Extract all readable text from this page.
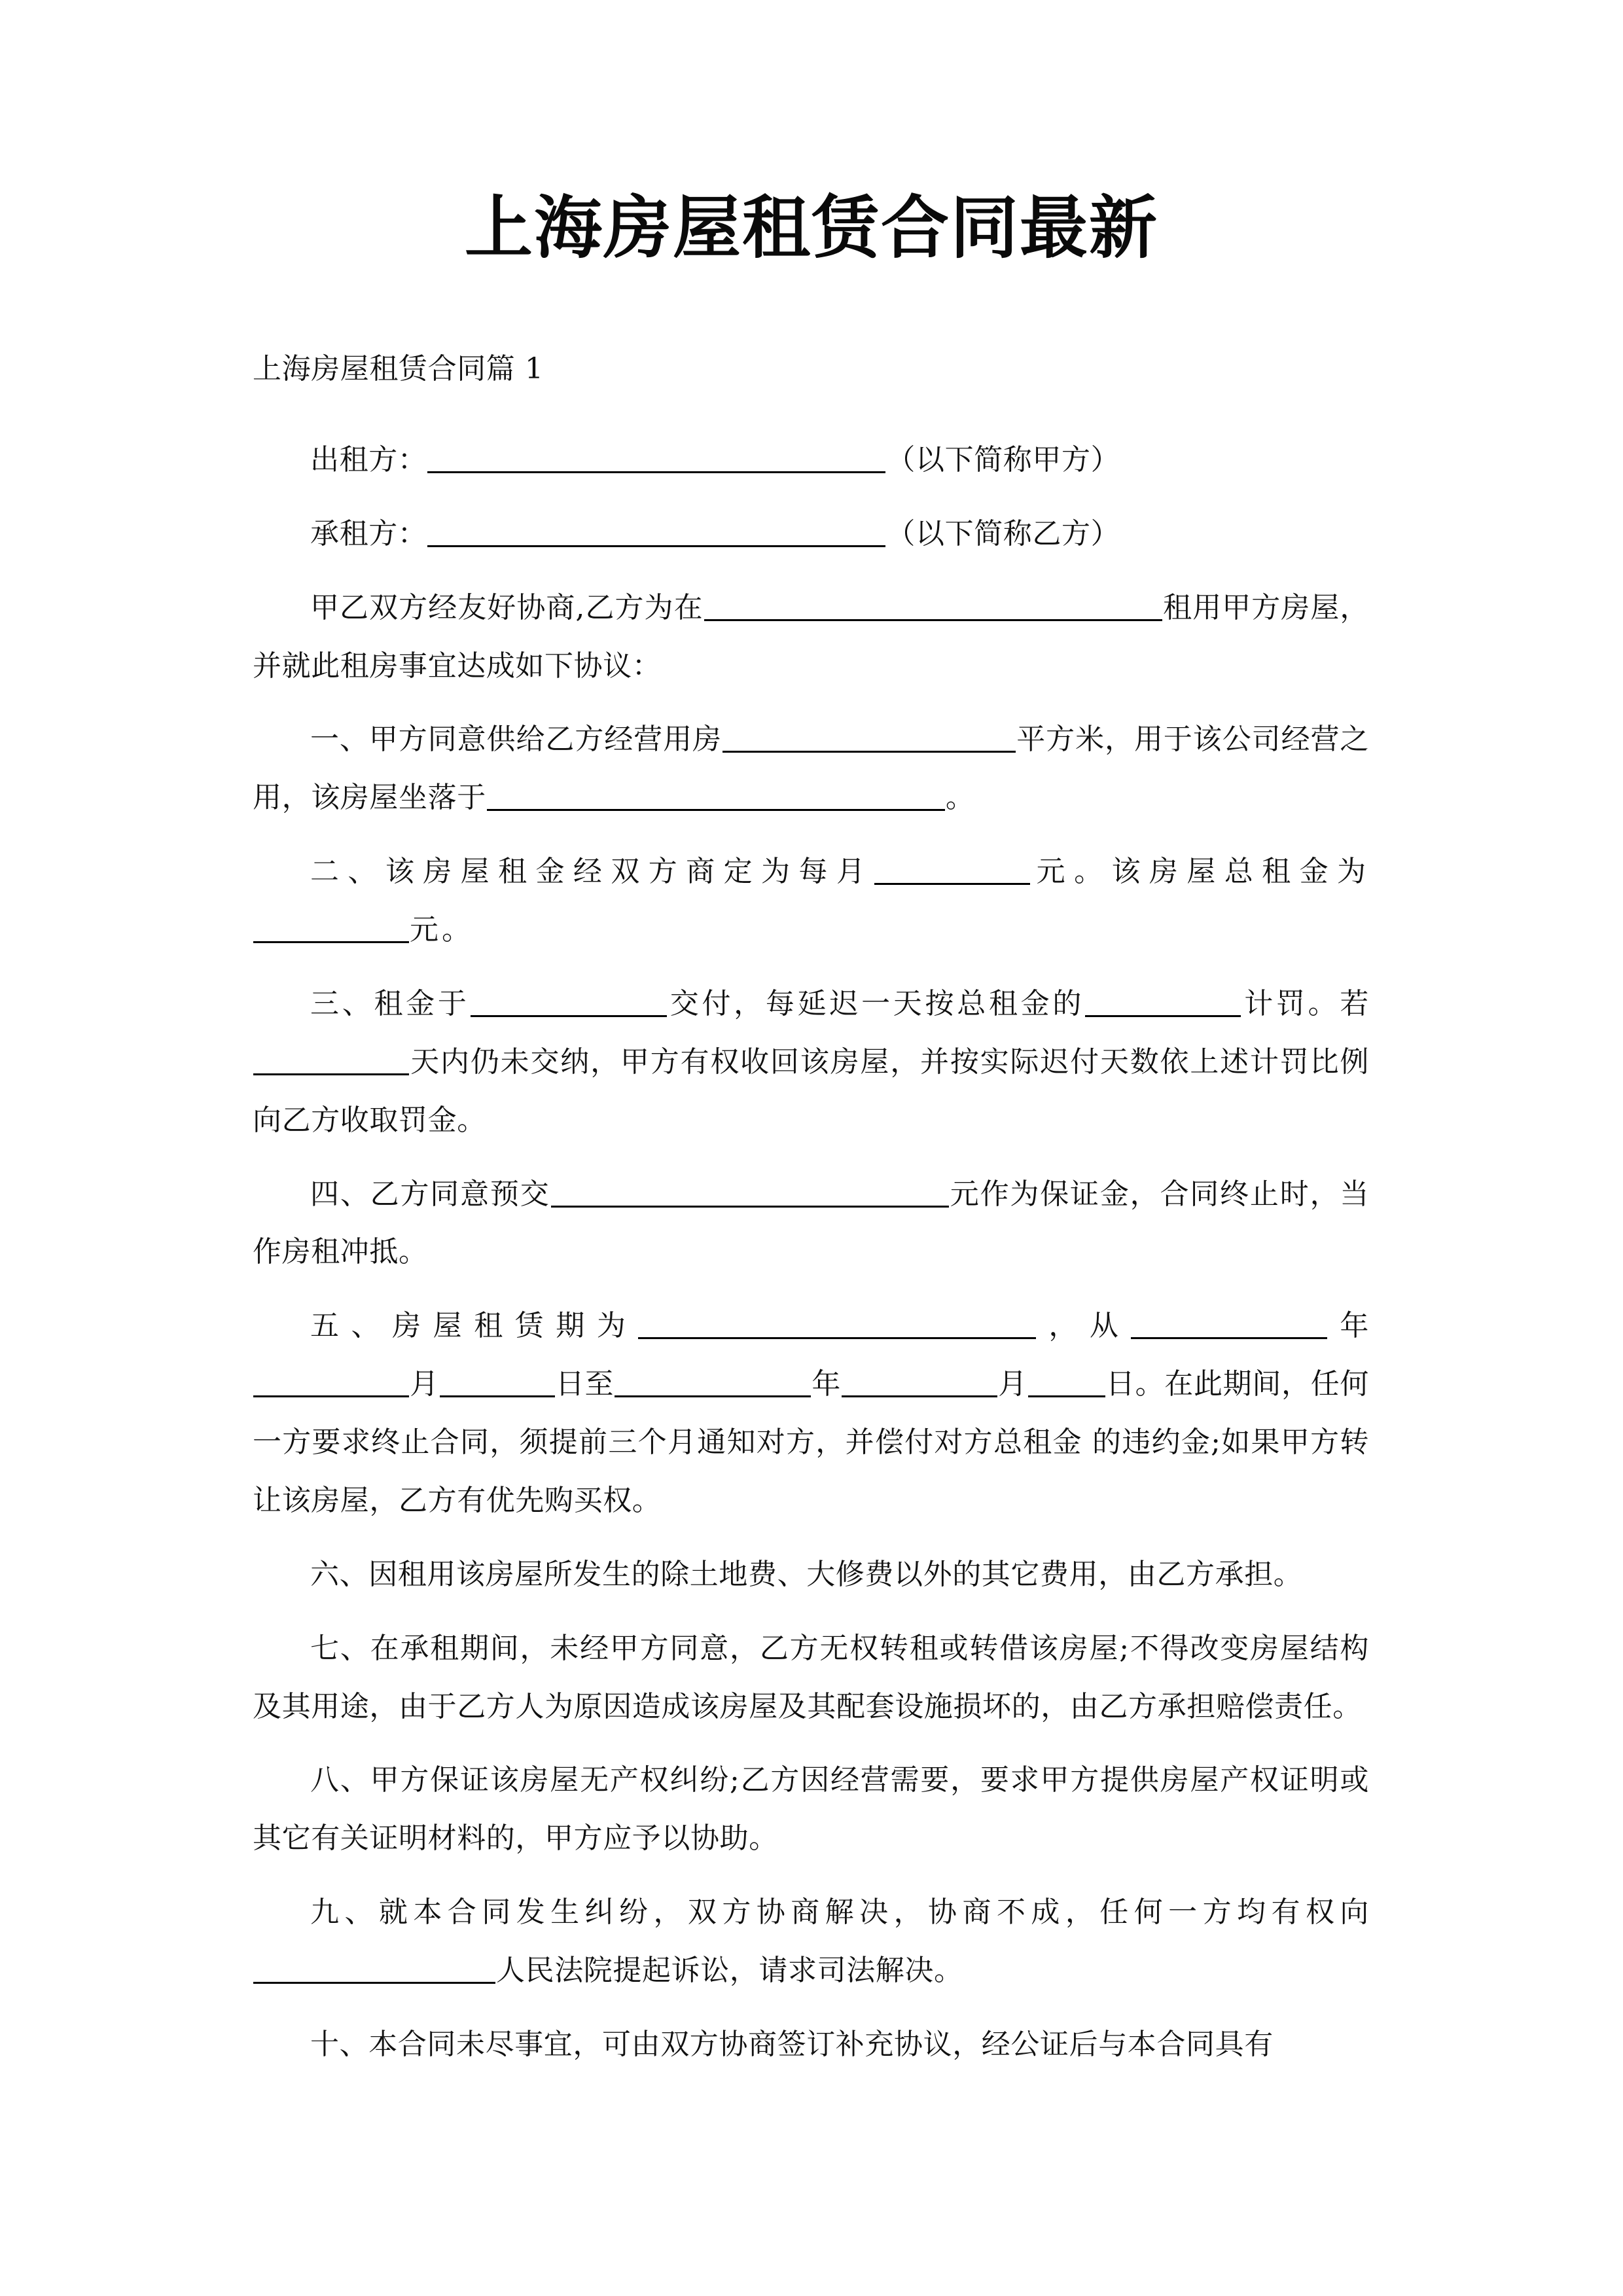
上海房屋租赁合同最新

上海房屋租赁合同篇 1

出租方：	（以下简称甲方）

承租方：	（以下简称乙方）

甲乙双方经友好协商,乙方为在	租用甲方房屋，并就此租房事宜达成如下协议：

一、甲方同意供给乙方经营用房	平方米，用于该公司经营之用，该房屋坐落于	。

二、该房屋租金经双方商定为每月	元。该房屋总租金为元。

三、租金于	交付，每延迟一天按总租金的	计罚。若天内仍未交纳，甲方有权收回该房屋，并按实际迟付天数依上述计罚比例向乙方收取罚金。

四、乙方同意预交	元作为保证金，合同终止时，当作房租冲抵。

五、房屋租赁期为	，从	年月	日至	年	月	日。在此期间，任何一方要求终止合同，须提前三个月通知对方，并偿付对方总租金 的违约金;如果甲方转让该房屋，乙方有优先购买权。

六、因租用该房屋所发生的除土地费、大修费以外的其它费用，由乙方承担。

七、在承租期间，未经甲方同意，乙方无权转租或转借该房屋;不得改变房屋结构及其用途，由于乙方人为原因造成该房屋及其配套设施损坏的，由乙方承担赔偿责任。

八、甲方保证该房屋无产权纠纷;乙方因经营需要，要求甲方提供房屋产权证明或其它有关证明材料的，甲方应予以协助。

九、就本合同发生纠纷，双方协商解决，协商不成，任何一方均有权向人民法院提起诉讼，请求司法解决。

十、本合同未尽事宜，可由双方协商签订补充协议，经公证后与本合同具有
